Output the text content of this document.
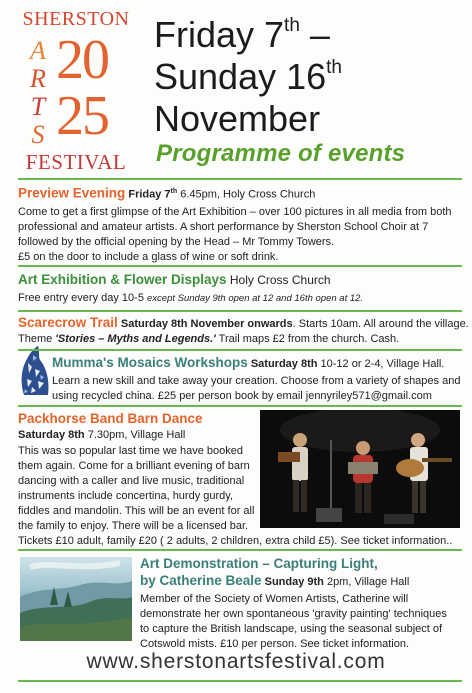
SHERSTON
A
R
T
S
20
25
FESTIVAL
Friday 7th –
Sunday 16th
November
Programme of events
Preview Evening Friday 7th 6.45pm, Holy Cross Church
Come to get a first glimpse of the Art Exhibition – over 100 pictures in all media from both
professional and amateur artists. A short performance by Sherston School Choir at 7
followed by the official opening by the Head – Mr Tommy Towers.
£5 on the door to include a glass of wine or soft drink.
Art Exhibition & Flower Displays Holy Cross Church
Free entry every day 10-5 except Sunday 9th open at 12 and 16th open at 12.
Scarecrow Trail Saturday 8th November onwards. Starts 10am. All around the village.
Theme 'Stories – Myths and Legends.' Trail maps £2 from the church. Cash.
Mumma's Mosaics Workshops Saturday 8th 10-12 or 2-4, Village Hall.
Learn a new skill and take away your creation. Choose from a variety of shapes and
using recycled china. £25 per person book by email jennyriley571@gmail.com
Packhorse Band Barn Dance
Saturday 8th 7.30pm, Village Hall
This was so popular last time we have booked
them again. Come for a brilliant evening of barn
dancing with a caller and live music, traditional
instruments include concertina, hurdy gurdy,
fiddles and mandolin. This will be an event for all
the family to enjoy. There will be a licensed bar.
Tickets £10 adult, family £20 ( 2 adults, 2 children, extra child £5). See ticket information..
Art Demonstration – Capturing Light,
by Catherine Beale Sunday 9th 2pm, Village Hall
Member of the Society of Women Artists, Catherine will
demonstrate her own spontaneous 'gravity painting' techniques
to capture the British landscape, using the seasonal subject of
Cotswold mists. £10 per person. See ticket information.
www.sherstonartsfestival.com
